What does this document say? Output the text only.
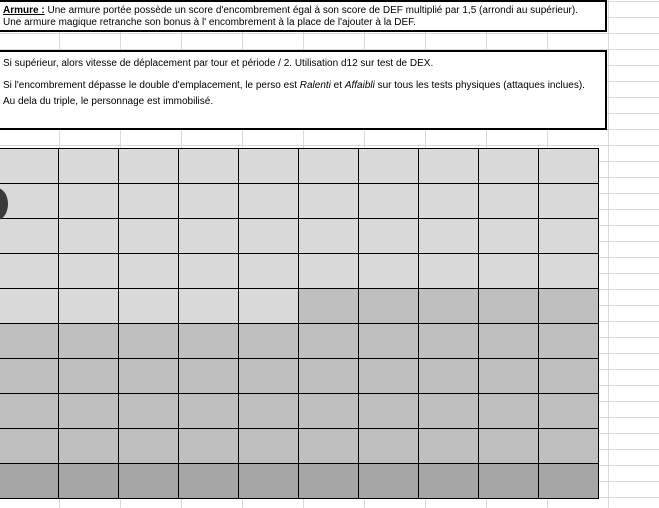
Armure : Une armure portée possède un score d'encombrement égal à son score de DEF multiplié par 1,5 (arrondi au supérieur).
Une armure magique retranche son bonus à l' encombrement à la place de l'ajouter à la DEF.

Si supérieur, alors vitesse de déplacement par tour et période / 2. Utilisation d12 sur test de DEX.

Si l'encombrement dépasse le double d'emplacement, le perso est Ralenti et Affaibli sur tous les tests physiques (attaques inclues).

Au dela du triple, le personnage est immobilisé.
